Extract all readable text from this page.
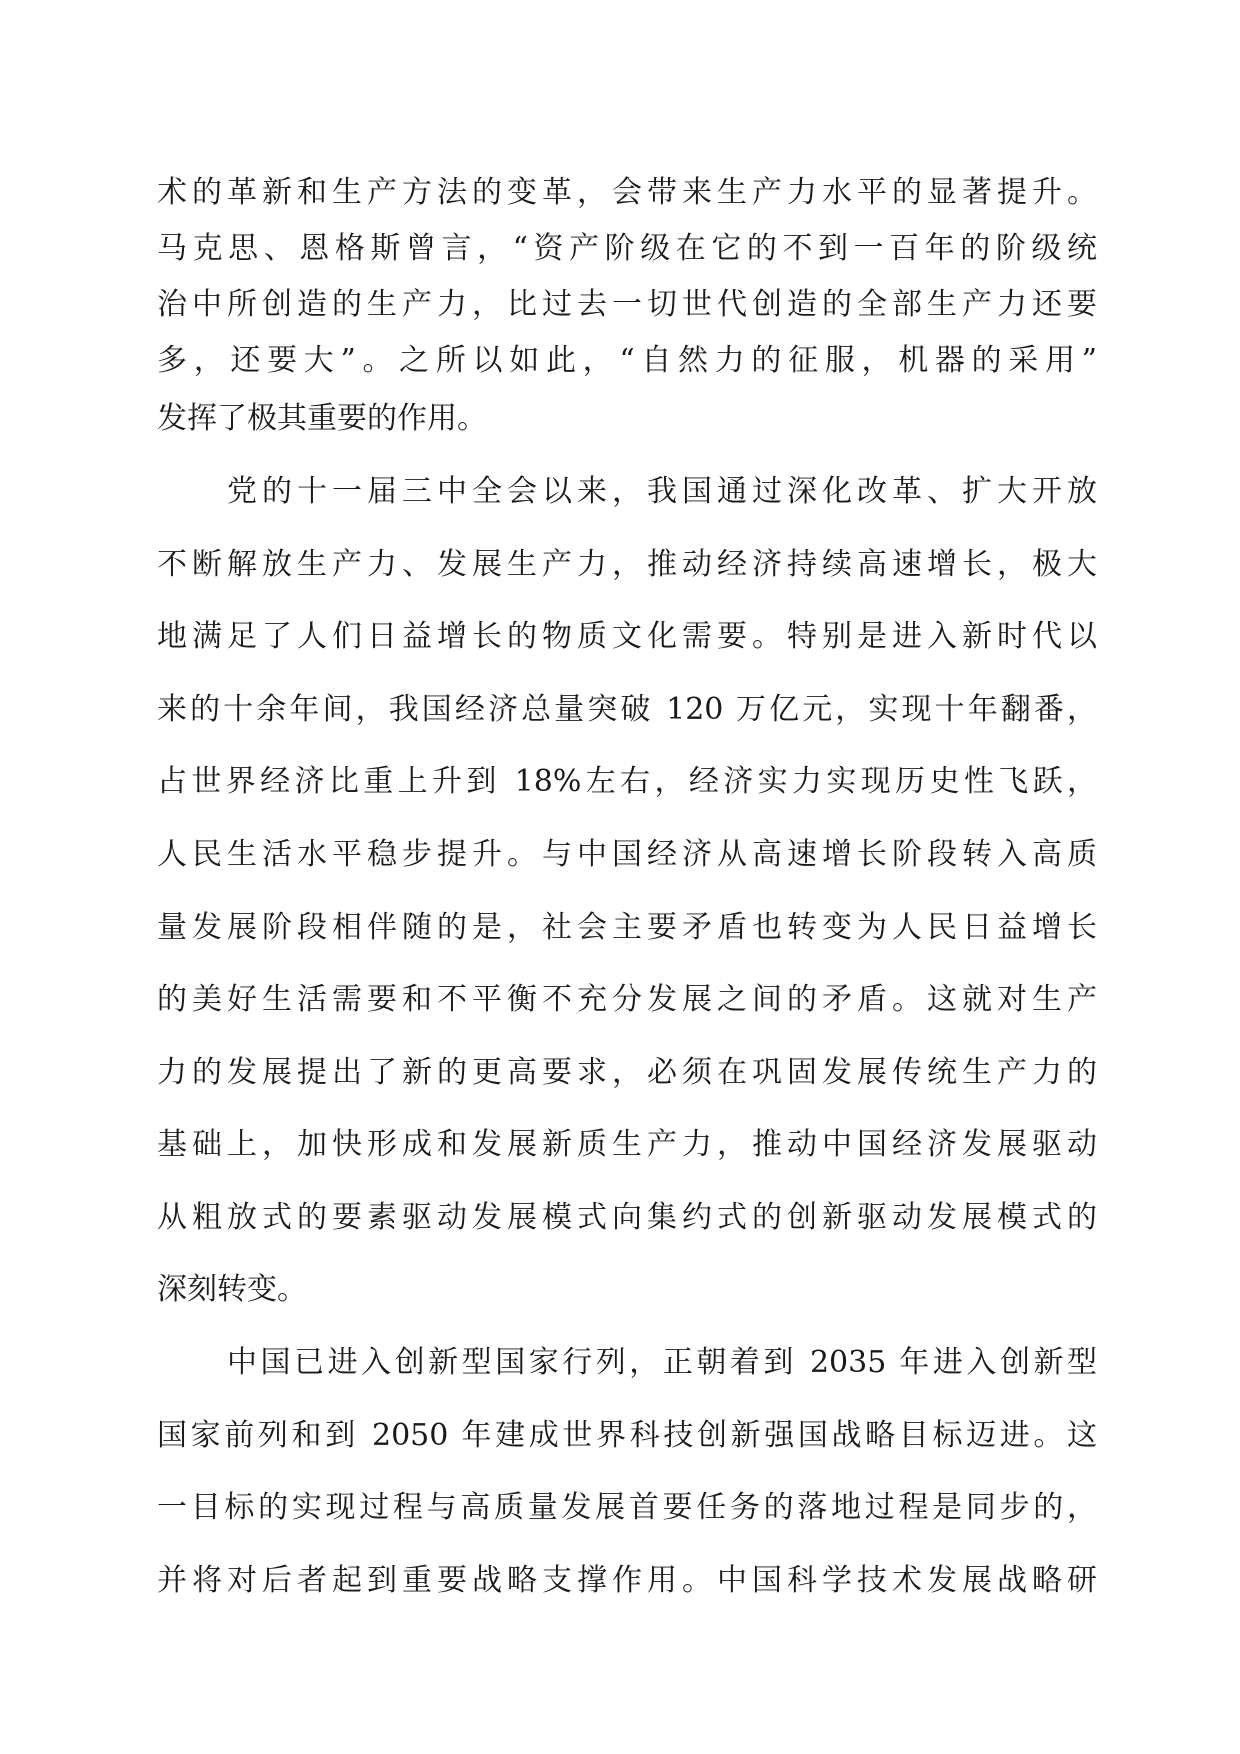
术的革新和生产方法的变革，会带来生产力水平的显著提升。
马克思、恩格斯曾言，“资产阶级在它的不到一百年的阶级统
治中所创造的生产力，比过去一切世代创造的全部生产力还要
多，还要大”。之所以如此，“自然力的征服，机器的采用”
发挥了极其重要的作用。
党的十一届三中全会以来，我国通过深化改革、扩大开放
不断解放生产力、发展生产力，推动经济持续高速增长，极大
地满足了人们日益增长的物质文化需要。特别是进入新时代以
来的十余年间，我国经济总量突破 120 万亿元，实现十年翻番，
占世界经济比重上升到 18%左右，经济实力实现历史性飞跃，
人民生活水平稳步提升。与中国经济从高速增长阶段转入高质
量发展阶段相伴随的是，社会主要矛盾也转变为人民日益增长
的美好生活需要和不平衡不充分发展之间的矛盾。这就对生产
力的发展提出了新的更高要求，必须在巩固发展传统生产力的
基础上，加快形成和发展新质生产力，推动中国经济发展驱动
从粗放式的要素驱动发展模式向集约式的创新驱动发展模式的
深刻转变。
中国已进入创新型国家行列，正朝着到 2035 年进入创新型
国家前列和到 2050 年建成世界科技创新强国战略目标迈进。这
一目标的实现过程与高质量发展首要任务的落地过程是同步的，
并将对后者起到重要战略支撑作用。中国科学技术发展战略研
